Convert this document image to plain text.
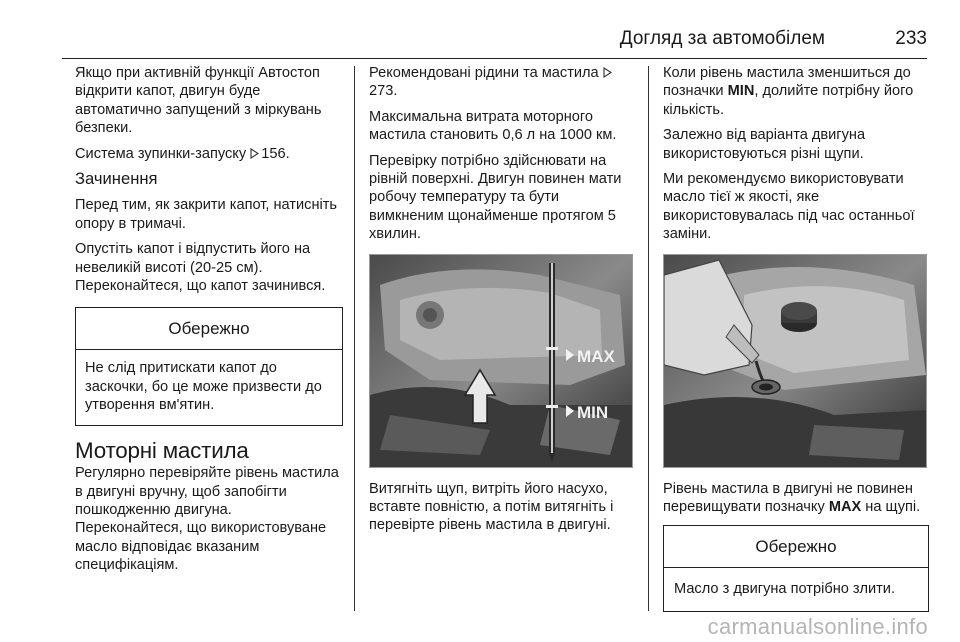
Догляд за автомобілем	233

Якщо при активній функції Автостоп відкрити капот, двигун буде автоматично запущений з міркувань безпеки.

Система зупинки-запуску 156.

Зачинення

Перед тим, як закрити капот, натисніть опору в тримачі.

Опустіть капот і відпустить його на невеликій висоті (20-25 см). Переконайтеся, що капот зачинився.

Обережно
Не слід притискати капот до заскочки, бо це може призвести до утворення вм'ятин.
Моторні мастила

Регулярно перевіряйте рівень мастила в двигуні вручну, щоб запобігти пошкодженню двигуна. Переконайтеся, що використовуване масло відповідає вказаним специфікаціям.

Рекомендовані рідини та мастила 273.

Максимальна витрата моторного мастила становить 0,6 л на 1000 км.

Перевірку потрібно здійснювати на рівній поверхні. Двигун повинен мати робочу температуру та бути вимкненим щонайменше протягом 5 хвилин.

MAX
MIN

Витягніть щуп, витріть його насухо, вставте повністю, а потім витягніть і перевірте рівень мастила в двигуні.

Коли рівень мастила зменшиться до позначки MIN, долийте потрібну його кількість.

Залежно від варіанта двигуна використовуються різні щупи.

Ми рекомендуємо використовувати масло тієї ж якості, яке використовувалась під час останньої заміни.

Рівень мастила в двигуні не повинен перевищувати позначку MAX на щупі.

Обережно
Масло з двигуна потрібно злити.
carmanualsonline.info
